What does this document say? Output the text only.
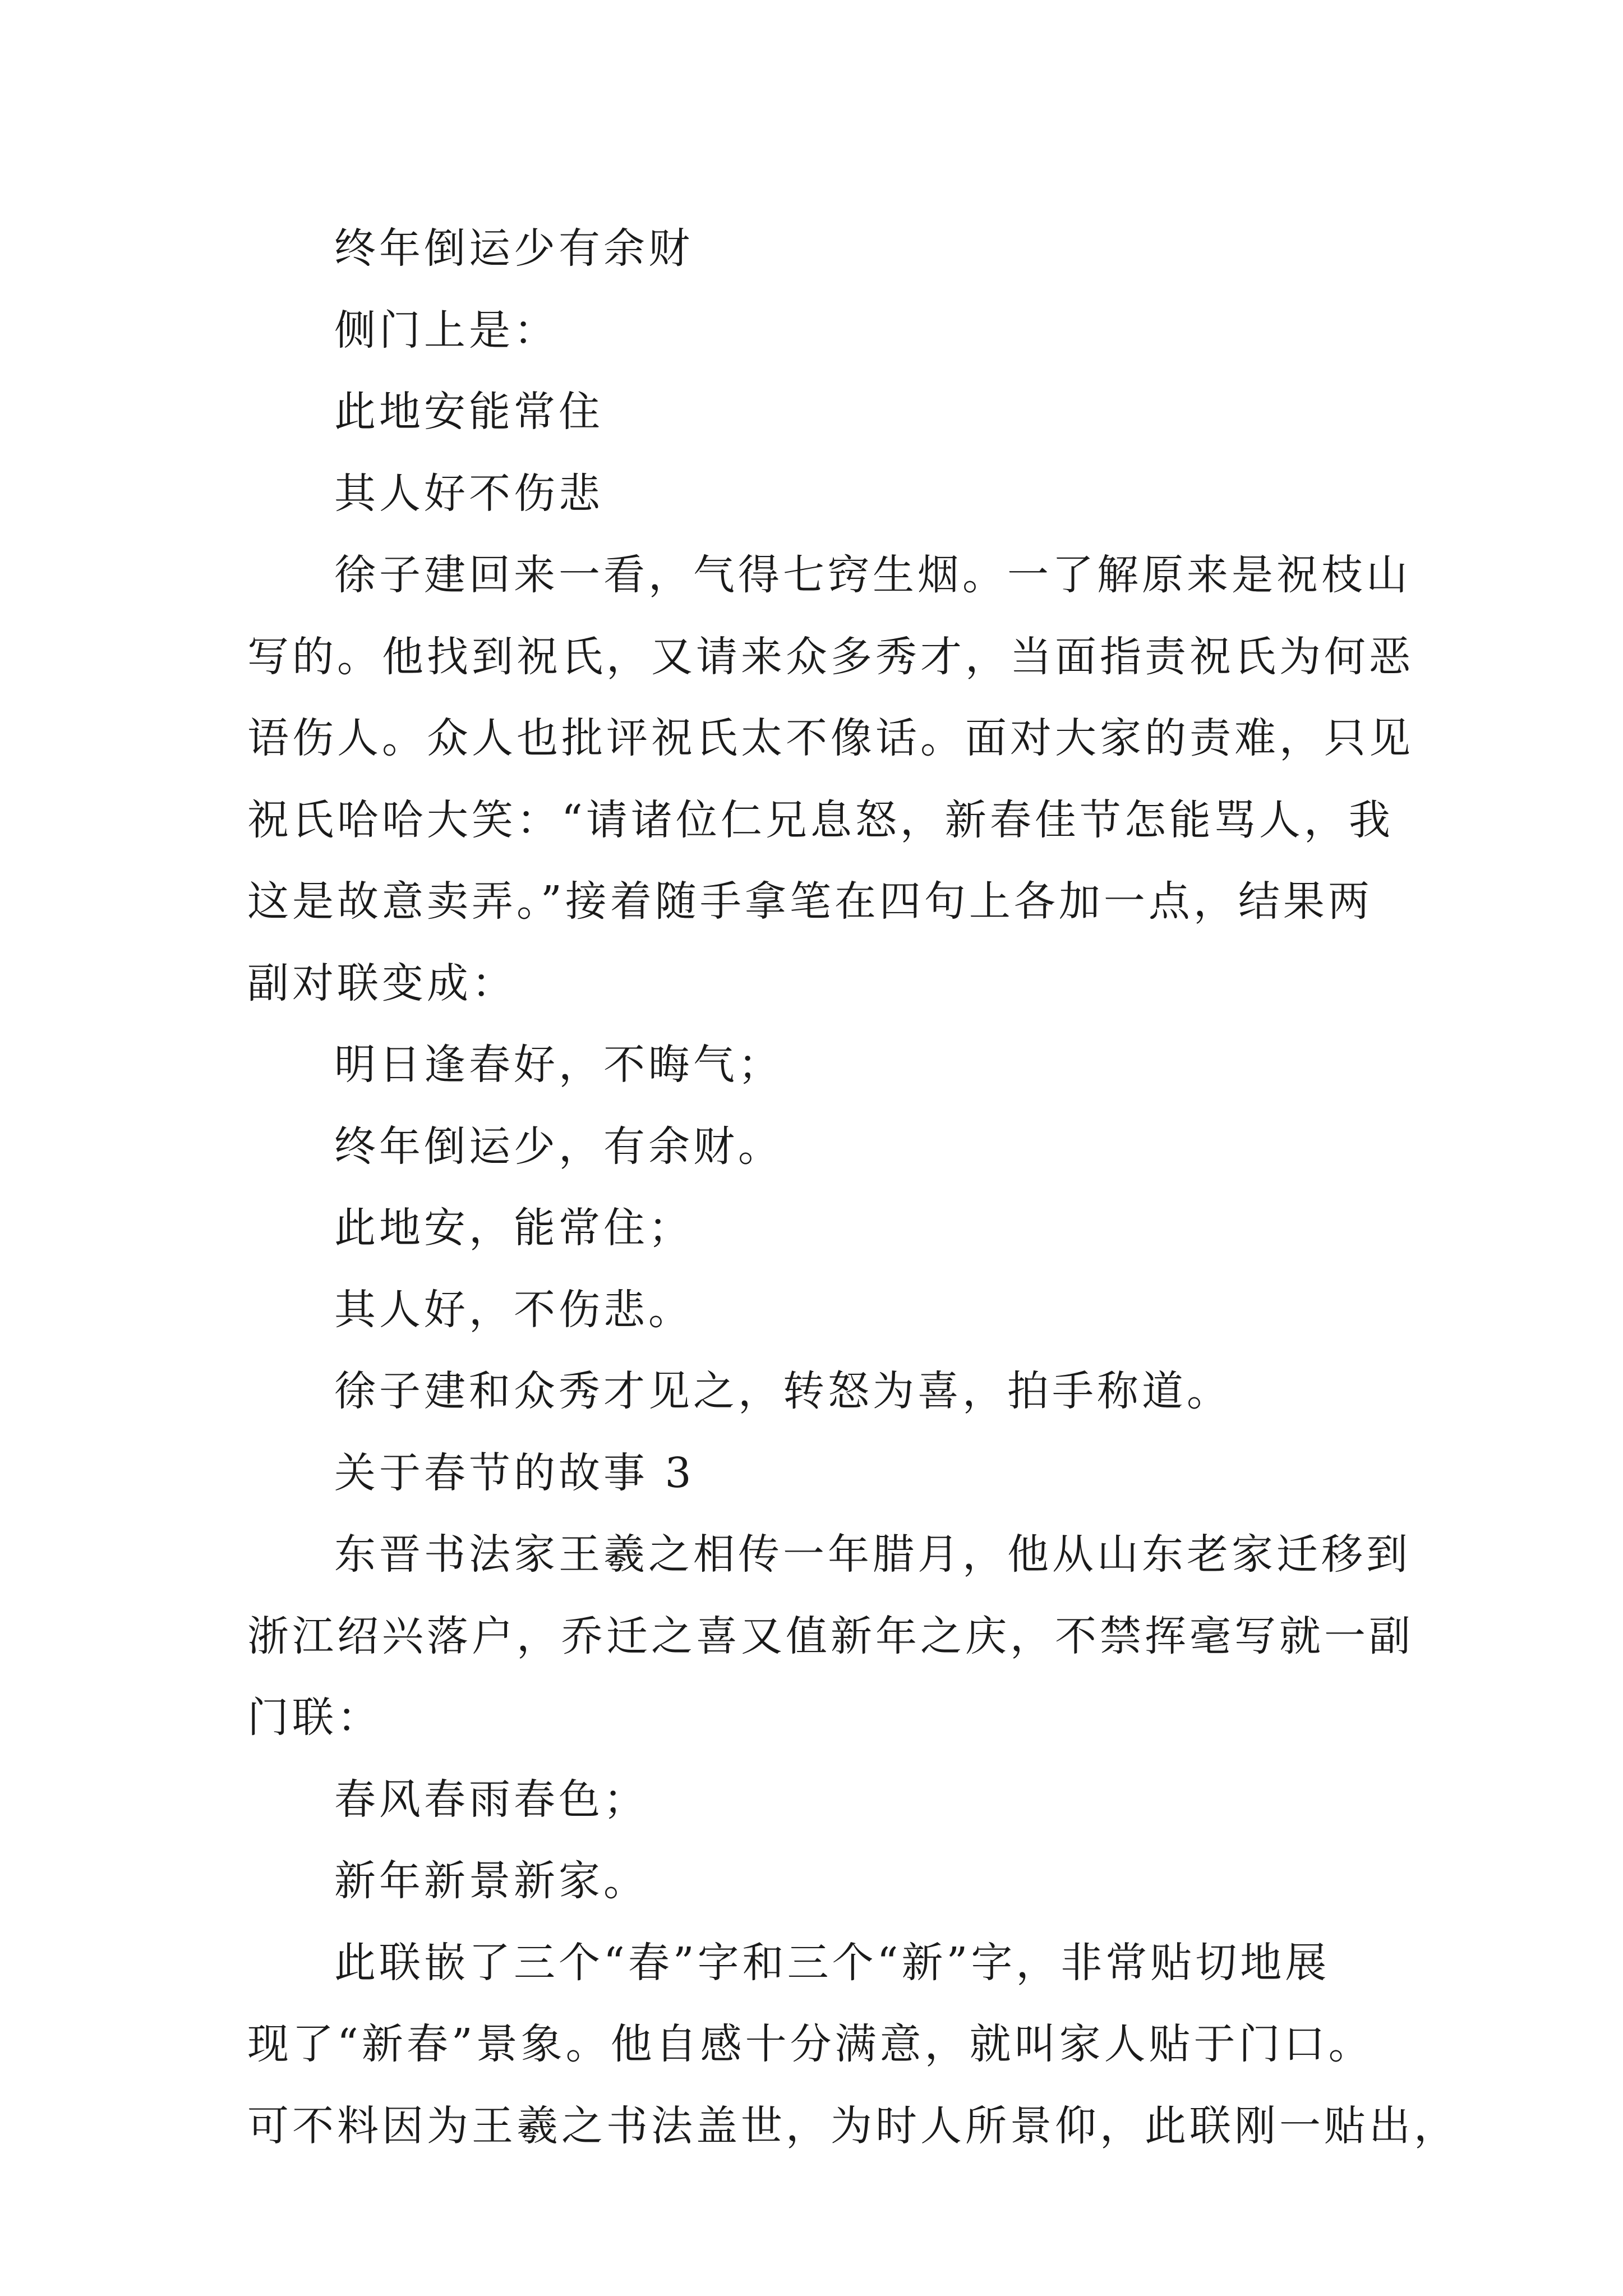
终年倒运少有余财
侧门上是：
此地安能常住
其人好不伤悲
徐子建回来一看，气得七窍生烟。一了解原来是祝枝山
写的。他找到祝氏，又请来众多秀才，当面指责祝氏为何恶
语伤人。众人也批评祝氏太不像话。面对大家的责难，只见
祝氏哈哈大笑：“请诸位仁兄息怒，新春佳节怎能骂人，我
这是故意卖弄。”接着随手拿笔在四句上各加一点，结果两
副对联变成：
明日逢春好，不晦气；
终年倒运少，有余财。
此地安，能常住；
其人好，不伤悲。
徐子建和众秀才见之，转怒为喜，拍手称道。
关于春节的故事 3
东晋书法家王羲之相传一年腊月，他从山东老家迁移到
浙江绍兴落户，乔迁之喜又值新年之庆，不禁挥毫写就一副
门联：
春风春雨春色；
新年新景新家。
此联嵌了三个“春”字和三个“新”字，非常贴切地展
现了“新春”景象。他自感十分满意，就叫家人贴于门口。
可不料因为王羲之书法盖世，为时人所景仰，此联刚一贴出，
